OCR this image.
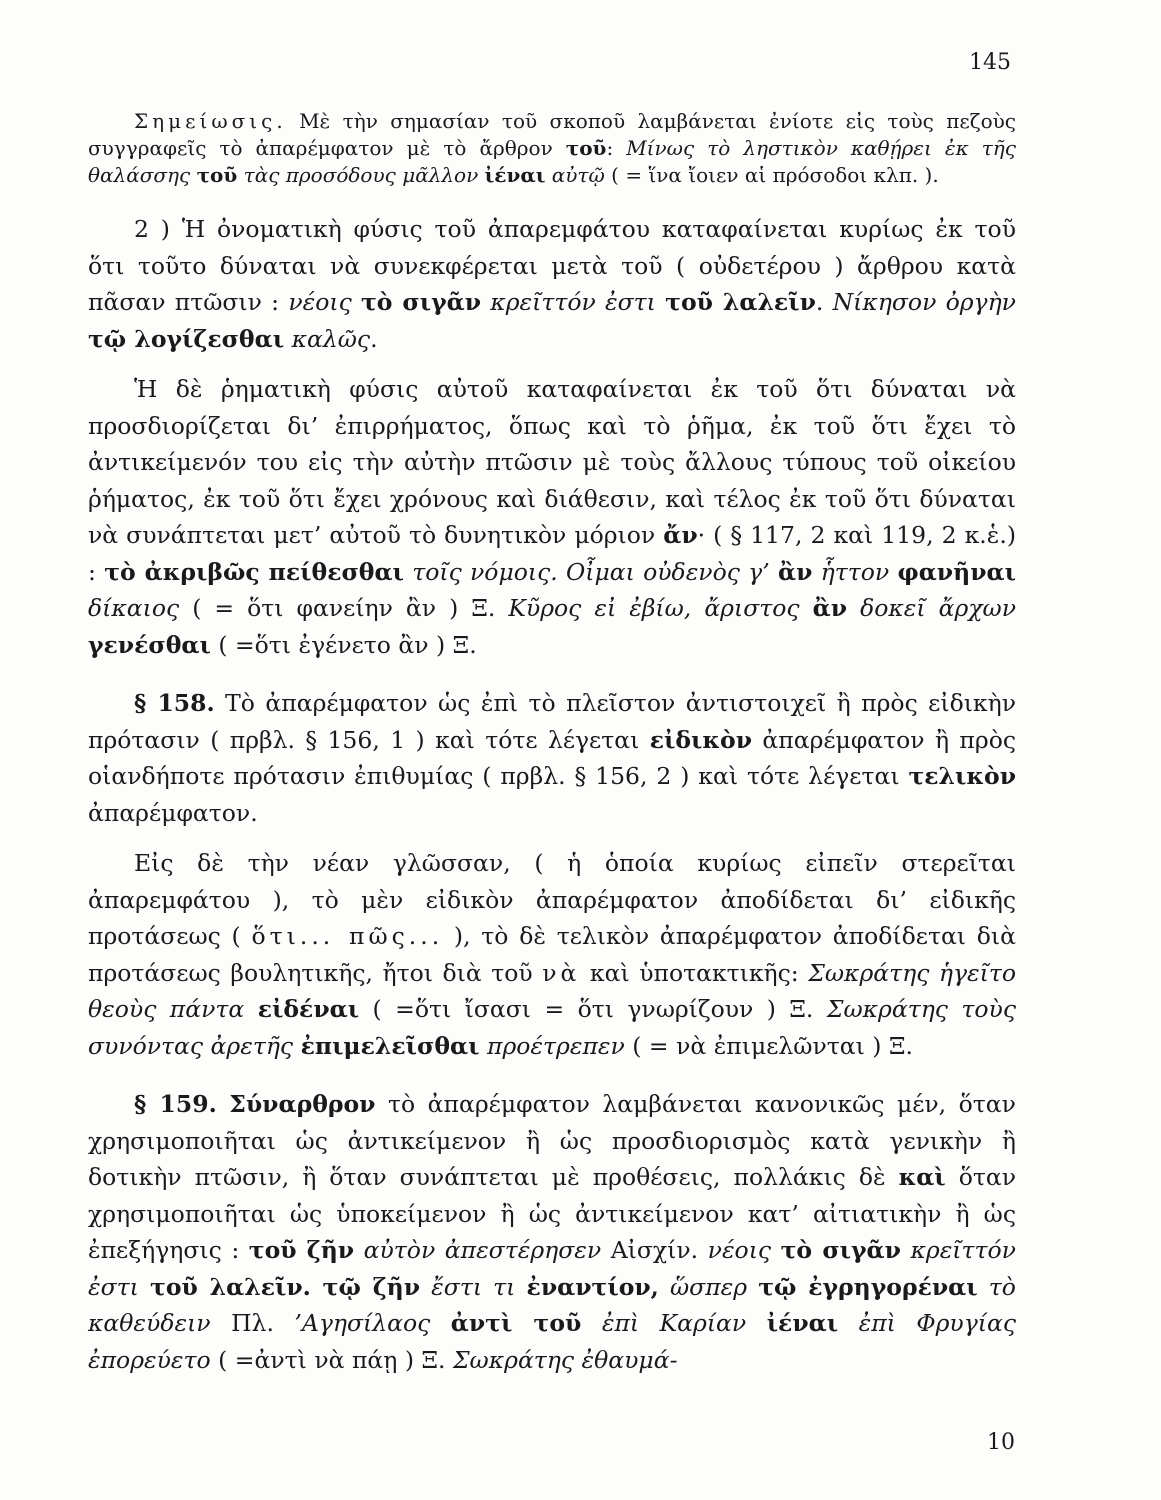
145

Σημείωσις. Μὲ τὴν σημασίαν τοῦ σκοποῦ λαμβάνεται ἐνίοτε εἰς τοὺς πεζοὺς συγγραφεῖς τὸ ἀπαρέμφατον μὲ τὸ ἄρθρον τοῦ: Μίνως τὸ ληστικὸν καθῄρει ἐκ τῆς θαλάσσης τοῦ τὰς προσόδους μᾶλλον ἰέναι αὐτῷ ( = ἵνα ἴοιεν αἱ πρόσοδοι κλπ. ).

2 ) Ἡ ὀνοματικὴ φύσις τοῦ ἀπαρεμφάτου καταφαίνεται κυρίως ἐκ τοῦ ὅτι τοῦτο δύναται νὰ συνεκφέρεται μετὰ τοῦ ( οὐδετέρου ) ἄρθρου κατὰ πᾶσαν πτῶσιν : νέοις τὸ σιγᾶν κρεῖττόν ἐστι τοῦ λαλεῖν. Νίκησον ὀργὴν τῷ λογίζεσθαι καλῶς.

Ἡ δὲ ῥηματικὴ φύσις αὐτοῦ καταφαίνεται ἐκ τοῦ ὅτι δύναται νὰ προσδιορίζεται δι’ ἐπιρρήματος, ὅπως καὶ τὸ ῥῆμα, ἐκ τοῦ ὅτι ἔχει τὸ ἀντικείμενόν του εἰς τὴν αὐτὴν πτῶσιν μὲ τοὺς ἄλλους τύπους τοῦ οἰκείου ῥήματος, ἐκ τοῦ ὅτι ἔχει χρόνους καὶ διάθεσιν, καὶ τέλος ἐκ τοῦ ὅτι δύναται νὰ συνάπτεται μετ’ αὐτοῦ τὸ δυνητικὸν μόριον ἄν· ( § 117, 2 καὶ 119, 2 κ.ἑ.) : τὸ ἀκριβῶς πείθεσθαι τοῖς νόμοις. Οἶμαι οὐδενὸς γ’ ἂν ἧττον φανῆναι δίκαιος ( = ὅτι φανείην ἂν ) Ξ. Κῦρος εἰ ἐβίω, ἄριστος ἂν δοκεῖ ἄρχων γενέσθαι ( =ὅτι ἐγένετο ἂν ) Ξ.

§ 158. Τὸ ἀπαρέμφατον ὡς ἐπὶ τὸ πλεῖστον ἀντιστοιχεῖ ἢ πρὸς εἰδικὴν πρότασιν ( πρβλ. § 156, 1 ) καὶ τότε λέγεται εἰδικὸν ἀπαρέμφατον ἢ πρὸς οἱανδήποτε πρότασιν ἐπιθυμίας ( πρβλ. § 156, 2 ) καὶ τότε λέγεται τελικὸν ἀπαρέμφατον.

Εἰς δὲ τὴν νέαν γλῶσσαν, ( ἡ ὁποία κυρίως εἰπεῖν στερεῖται ἀπαρεμφάτου ), τὸ μὲν εἰδικὸν ἀπαρέμφατον ἀποδίδεται δι’ εἰδικῆς προτάσεως ( ὅτι... πῶς... ), τὸ δὲ τελικὸν ἀπαρέμφατον ἀποδίδεται διὰ προτάσεως βουλητικῆς, ἤτοι διὰ τοῦ νὰ καὶ ὑποτακτικῆς: Σωκράτης ἡγεῖτο θεοὺς πάντα εἰδέναι ( =ὅτι ἴσασι = ὅτι γνωρίζουν ) Ξ. Σωκράτης τοὺς συνόντας ἀρετῆς ἐπιμελεῖσθαι προέτρεπεν ( = νὰ ἐπιμελῶνται ) Ξ.

§ 159. Σύναρθρον τὸ ἀπαρέμφατον λαμβάνεται κανονικῶς μέν, ὅταν χρησιμοποιῆται ὡς ἀντικείμενον ἢ ὡς προσδιορισμὸς κατὰ γενικὴν ἢ δοτικὴν πτῶσιν, ἢ ὅταν συνάπτεται μὲ προθέσεις, πολλάκις δὲ καὶ ὅταν χρησιμοποιῆται ὡς ὑποκείμενον ἢ ὡς ἀντικείμενον κατ’ αἰτιατικὴν ἢ ὡς ἐπεξήγησις : τοῦ ζῆν αὐτὸν ἀπεστέρησεν Αἰσχίν. νέοις τὸ σιγᾶν κρεῖττόν ἐστι τοῦ λαλεῖν. τῷ ζῆν ἔστι τι ἐναντίον, ὥσπερ τῷ ἐγρηγορέναι τὸ καθεύδειν Πλ. ’Αγησίλαος ἀντὶ τοῦ ἐπὶ Καρίαν ἰέναι ἐπὶ Φρυγίας ἐπορεύετο ( =ἀντὶ νὰ πάῃ ) Ξ. Σωκράτης ἐθαυμά-

10
